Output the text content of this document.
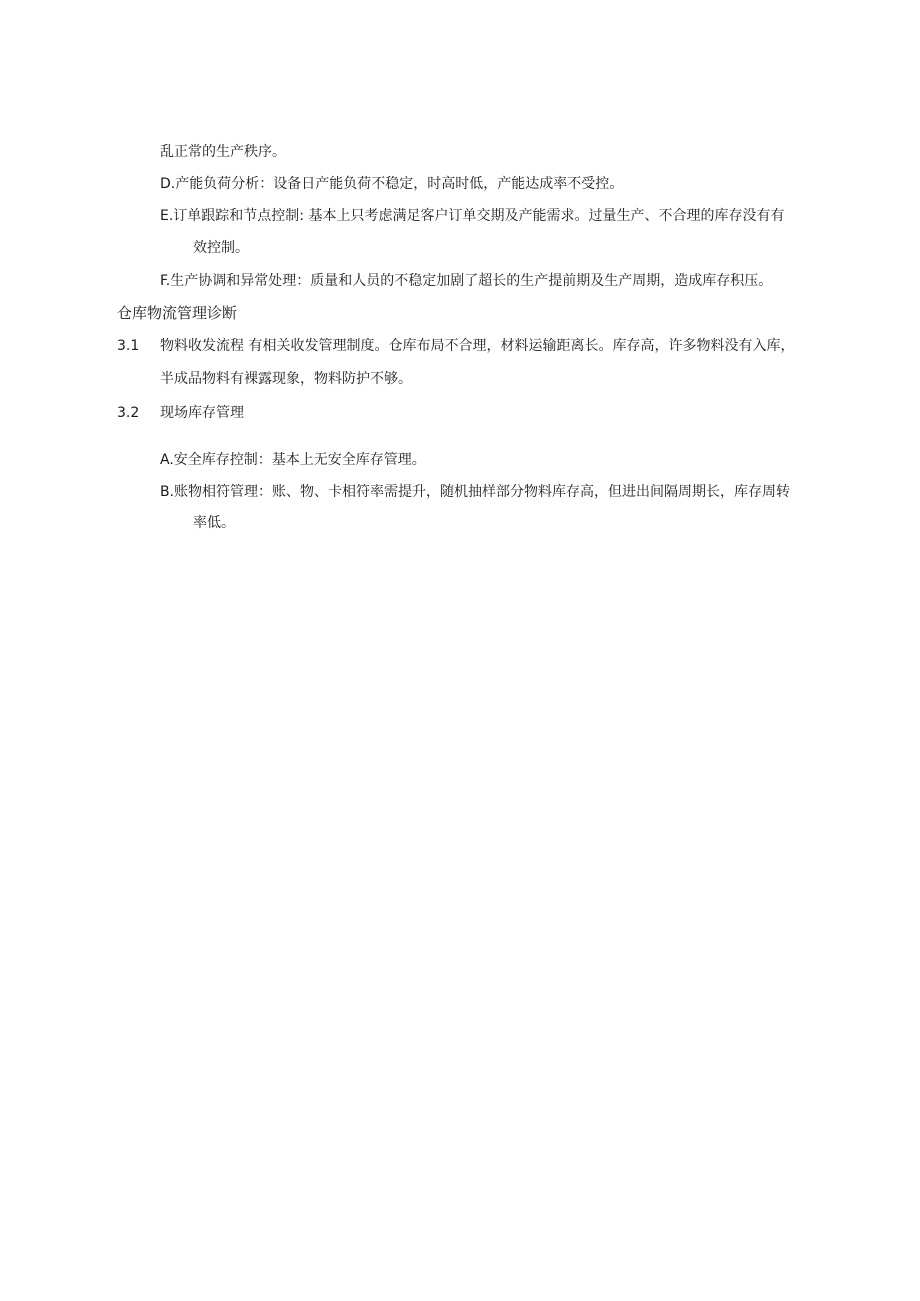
乱正常的生产秩序。
D.产能负荷分析：设备日产能负荷不稳定，时高时低，产能达成率不受控。
E.订单跟踪和节点控制: 基本上只考虑满足客户订单交期及产能需求。过量生产、不合理的库存没有有
效控制。
F.生产协调和异常处理：质量和人员的不稳定加剧了超长的生产提前期及生产周期，造成库存积压。
仓库物流管理诊断
3.1 物料收发流程 有相关收发管理制度。仓库布局不合理，材料运输距离长。库存高，许多物料没有入库，
半成品物料有裸露现象，物料防护不够。
3.2 现场库存管理
A.安全库存控制：基本上无安全库存管理。
B.账物相符管理：账、物、卡相符率需提升，随机抽样部分物料库存高，但进出间隔周期长，库存周转
率低。
